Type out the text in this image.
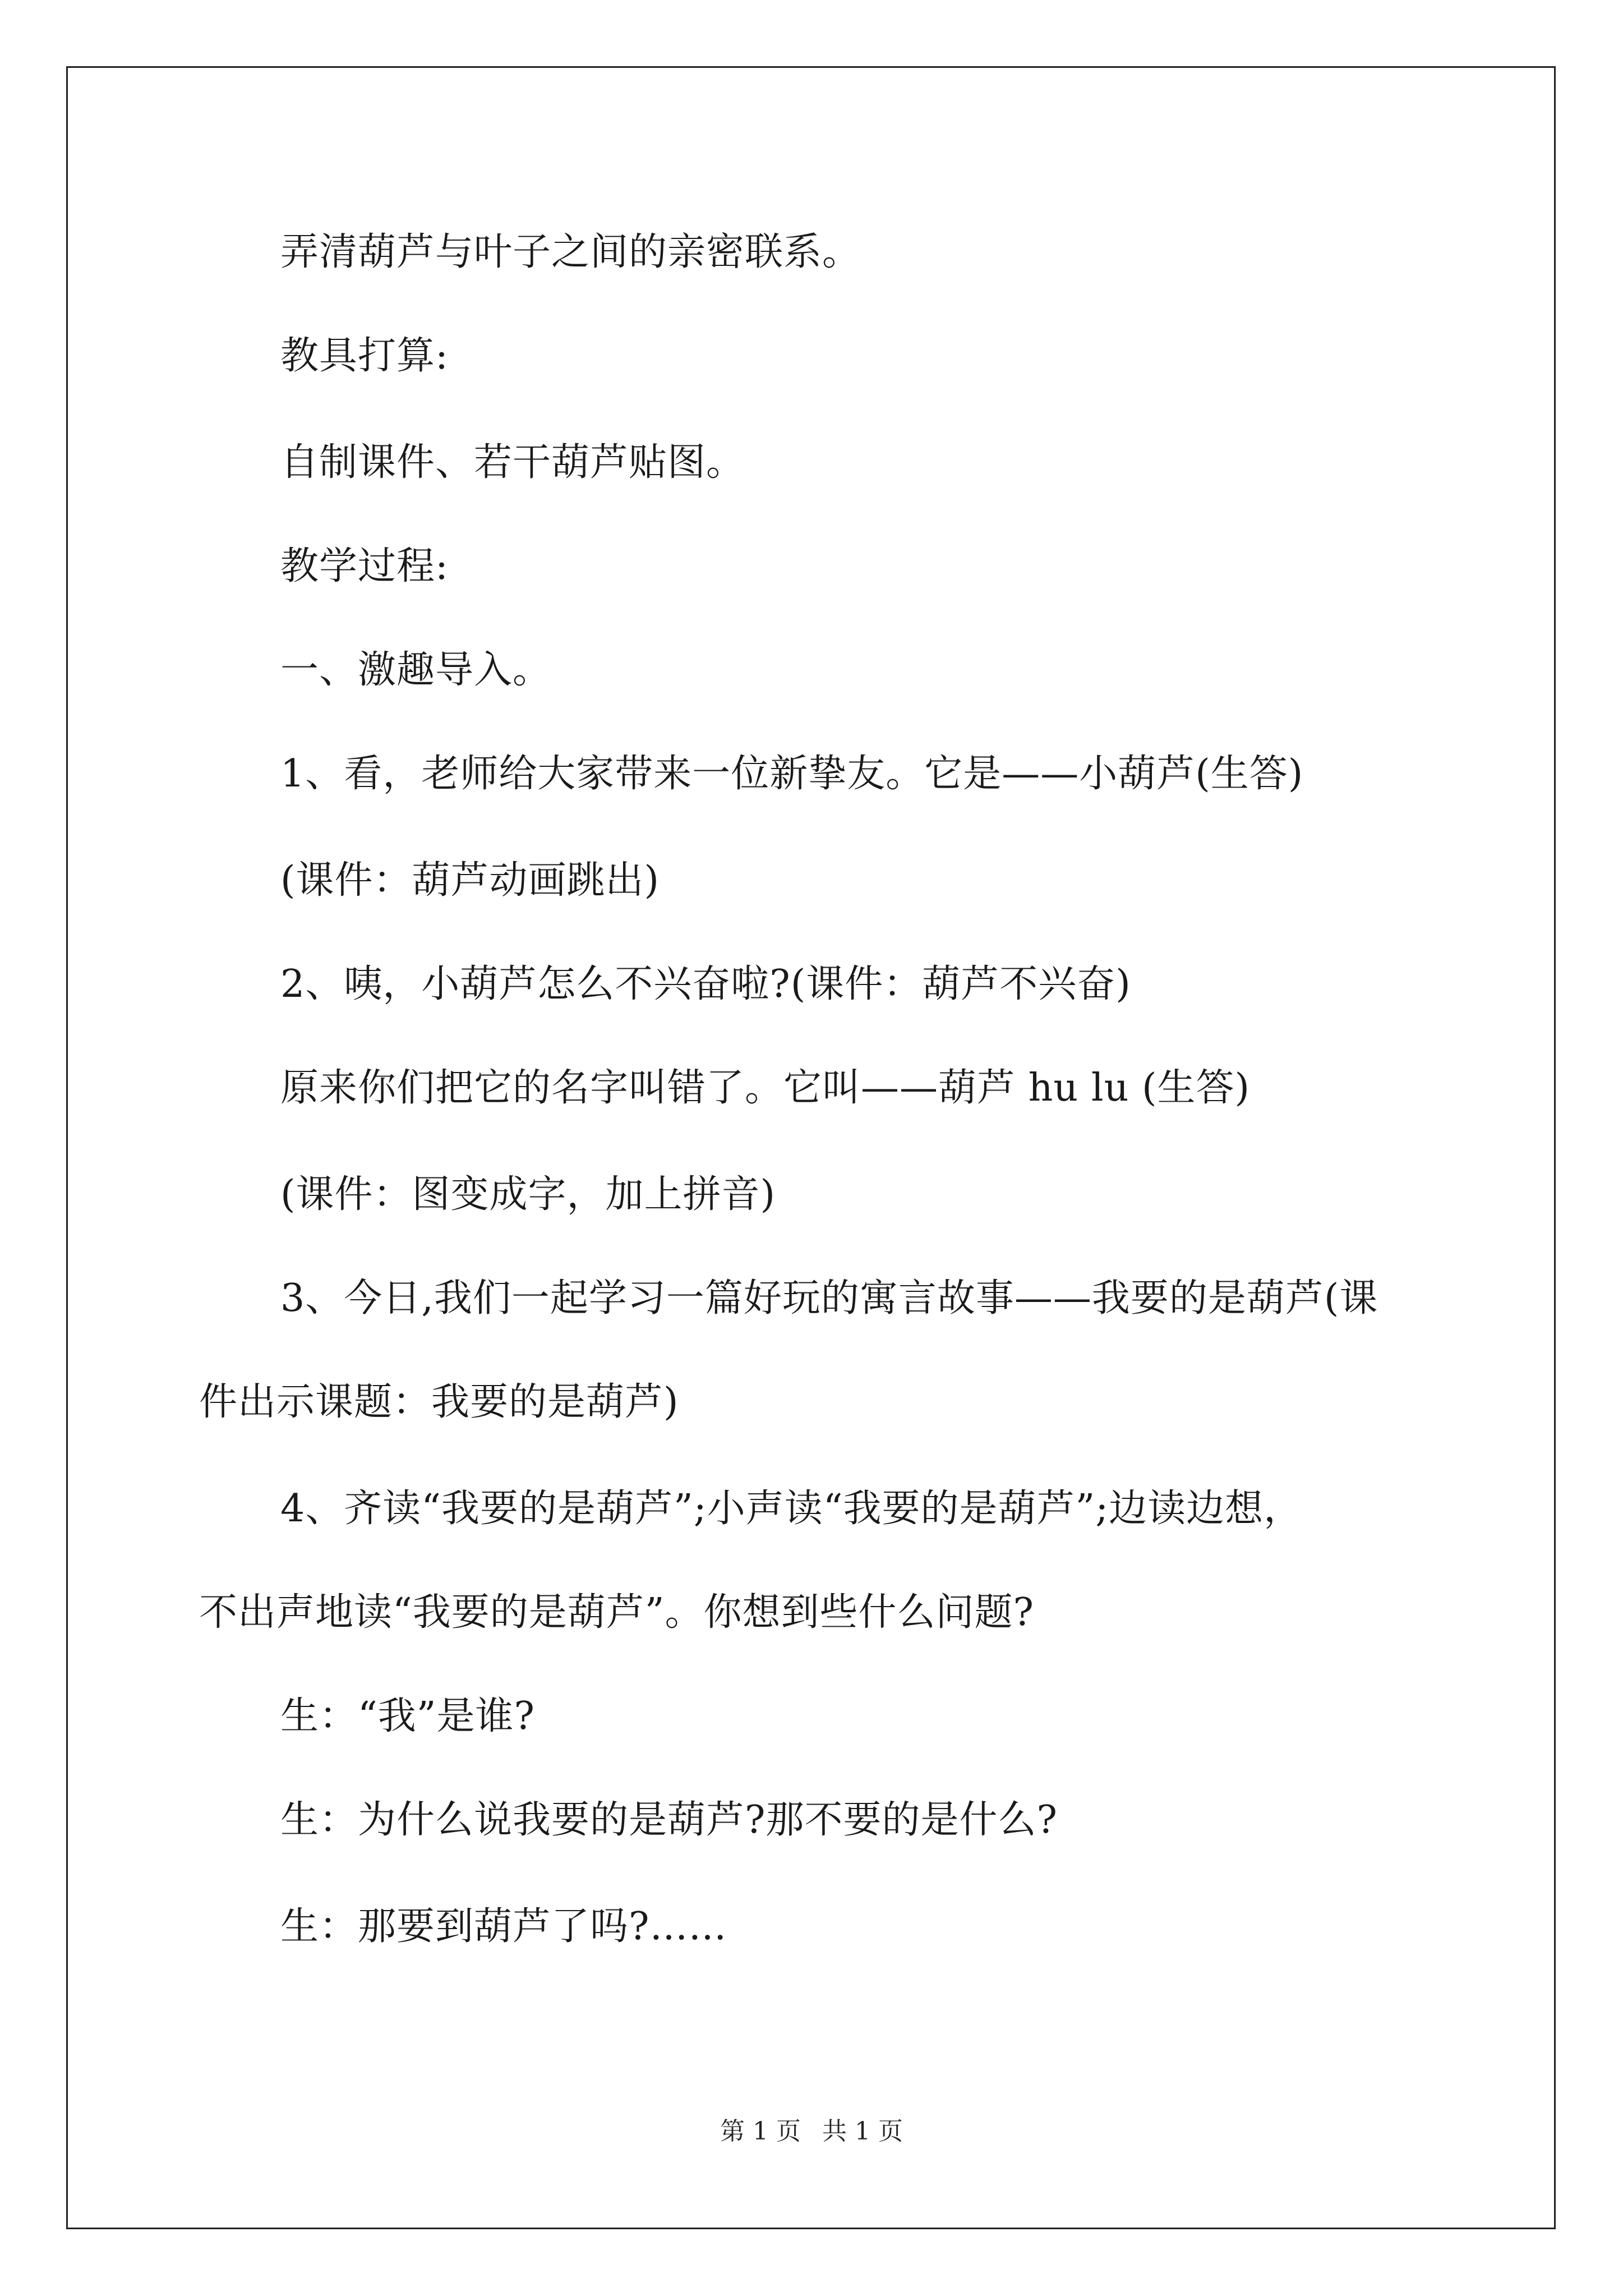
弄清葫芦与叶子之间的亲密联系。
教具打算:
自制课件、若干葫芦贴图。
教学过程:
一、激趣导入。
1、看，老师给大家带来一位新挚友。它是——小葫芦(生答)
(课件：葫芦动画跳出)
2、咦，小葫芦怎么不兴奋啦?(课件：葫芦不兴奋)
原来你们把它的名字叫错了。它叫——葫芦 hu lu (生答)
(课件：图变成字，加上拼音)
3、今日,我们一起学习一篇好玩的寓言故事——我要的是葫芦(课
件出示课题：我要的是葫芦)
4、齐读“我要的是葫芦”;小声读“我要的是葫芦”;边读边想，
不出声地读“我要的是葫芦”。你想到些什么问题?
生：“我”是谁?
生：为什么说我要的是葫芦?那不要的是什么?
生：那要到葫芦了吗?……
第 1 页 共 1 页
